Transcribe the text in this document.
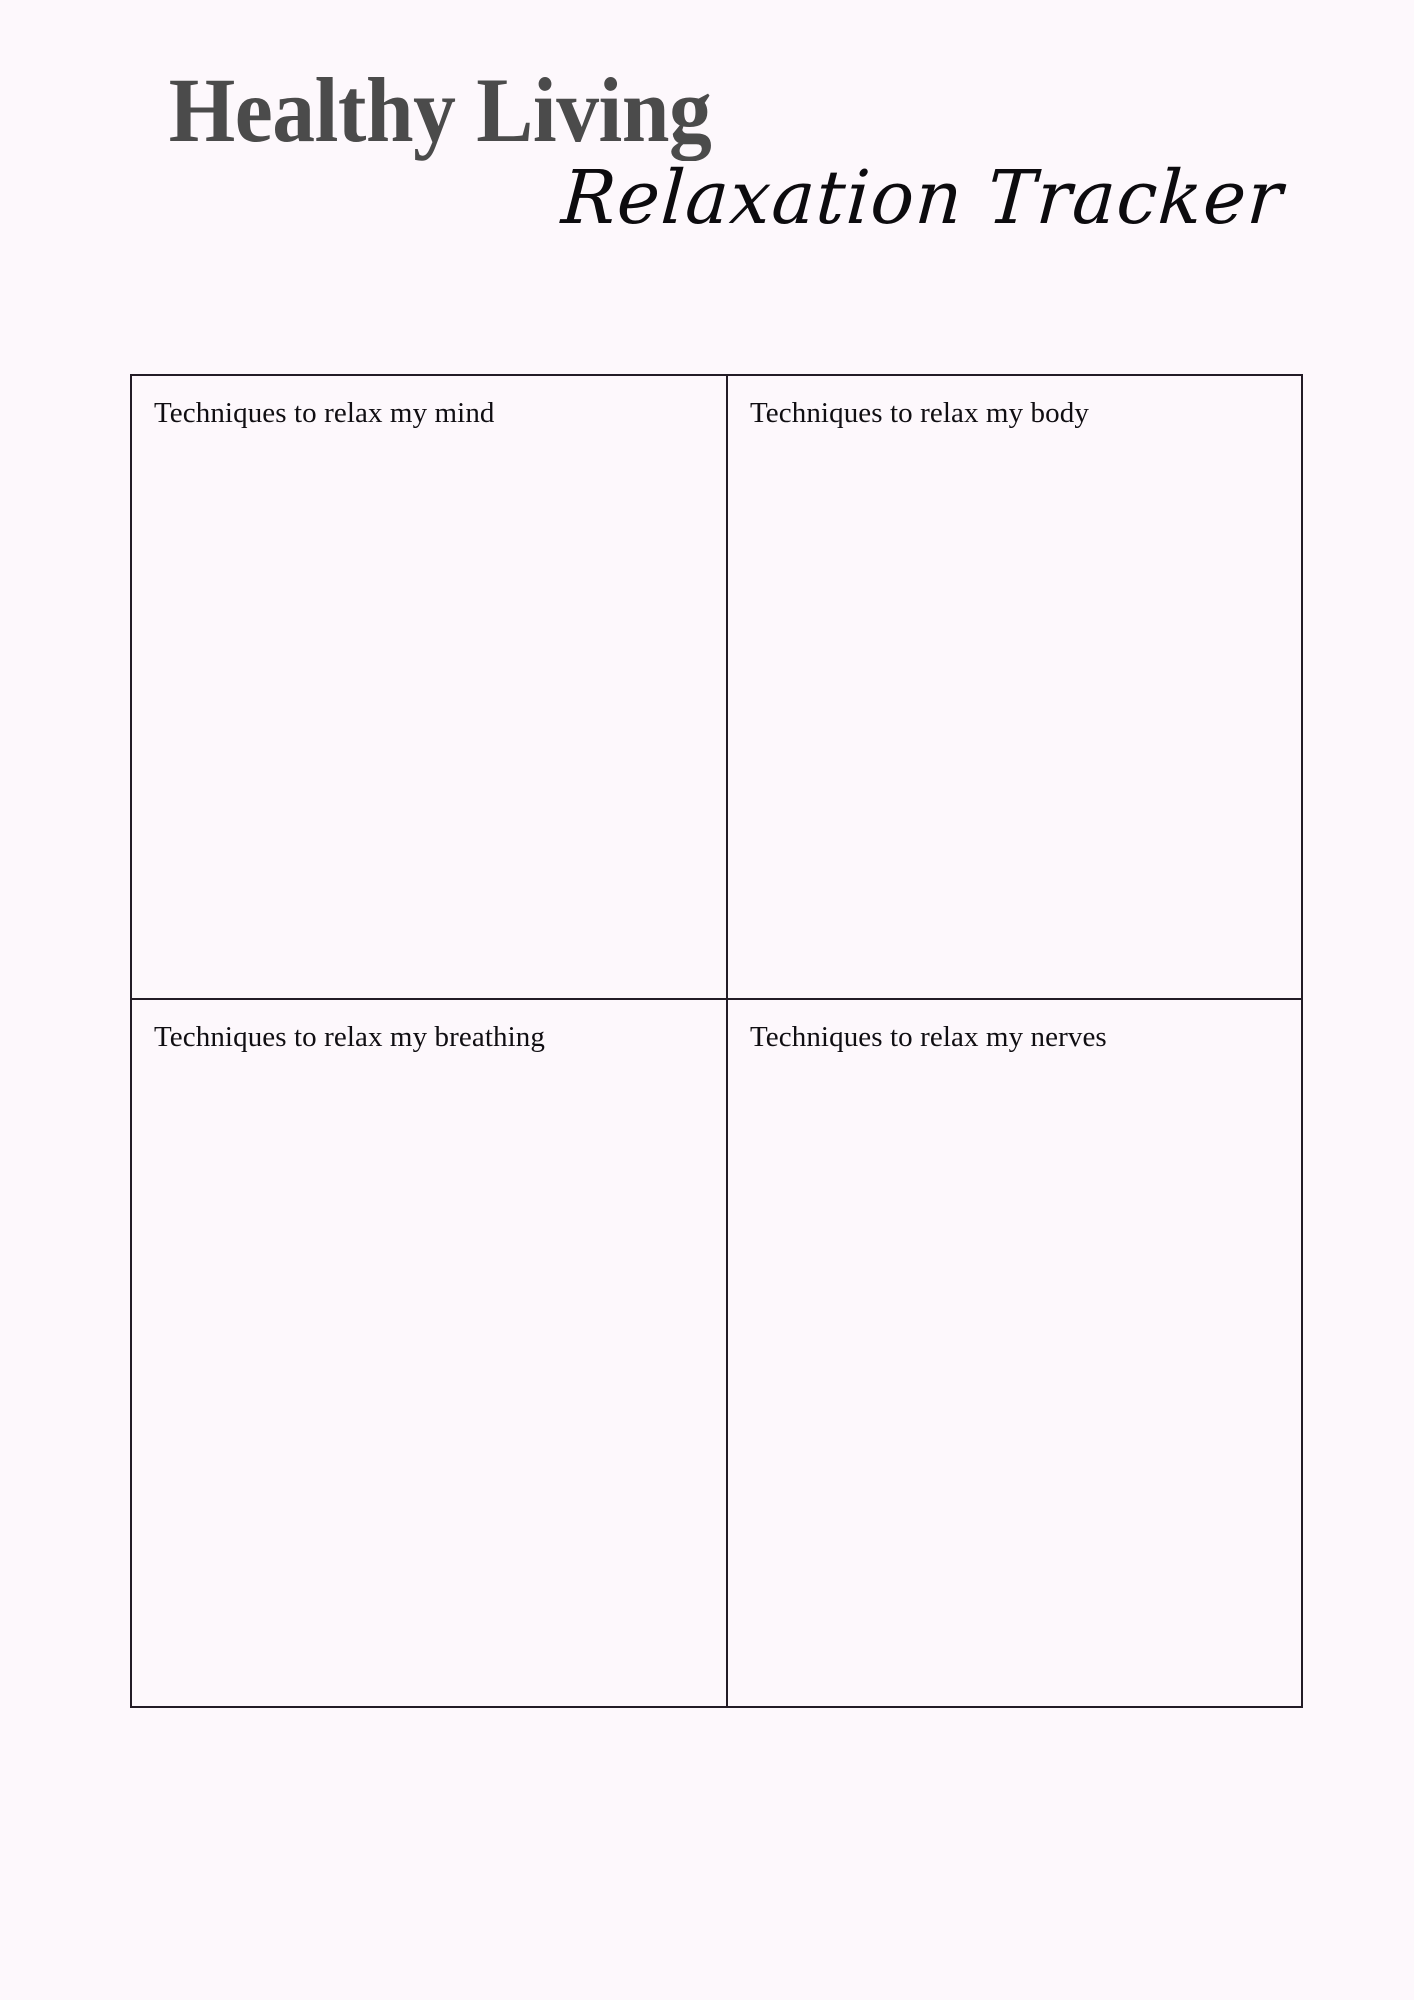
Healthy Living
Relaxation Tracker
Techniques to relax my mind	Techniques to relax my body
Techniques to relax my breathing	Techniques to relax my nerves
